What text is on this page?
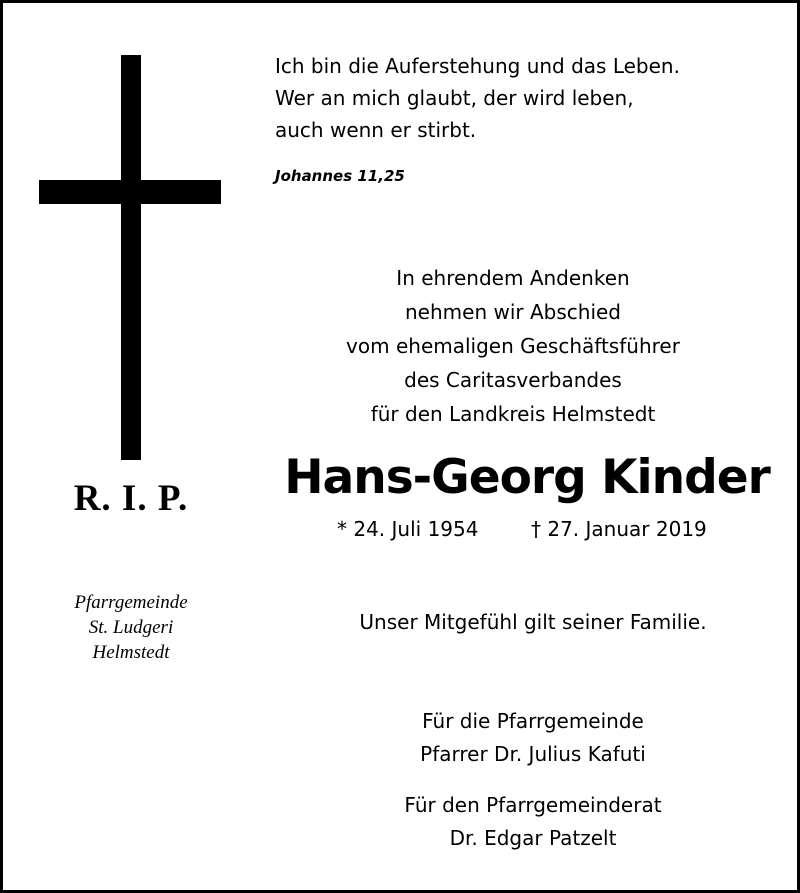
R. I. P.
Pfarrgemeinde
St. Ludgeri
Helmstedt
Ich bin die Auferstehung und das Leben.
Wer an mich glaubt, der wird leben,
auch wenn er stirbt.
Johannes 11,25
In ehrendem Andenken
nehmen wir Abschied
vom ehemaligen Geschäftsführer
des Caritasverbandes
für den Landkreis Helmstedt
Hans-Georg Kinder
* 24. Juli 1954	† 27. Januar 2019
Unser Mitgefühl gilt seiner Familie.
Für die Pfarrgemeinde
Pfarrer Dr. Julius Kafuti
Für den Pfarrgemeinderat
Dr. Edgar Patzelt
